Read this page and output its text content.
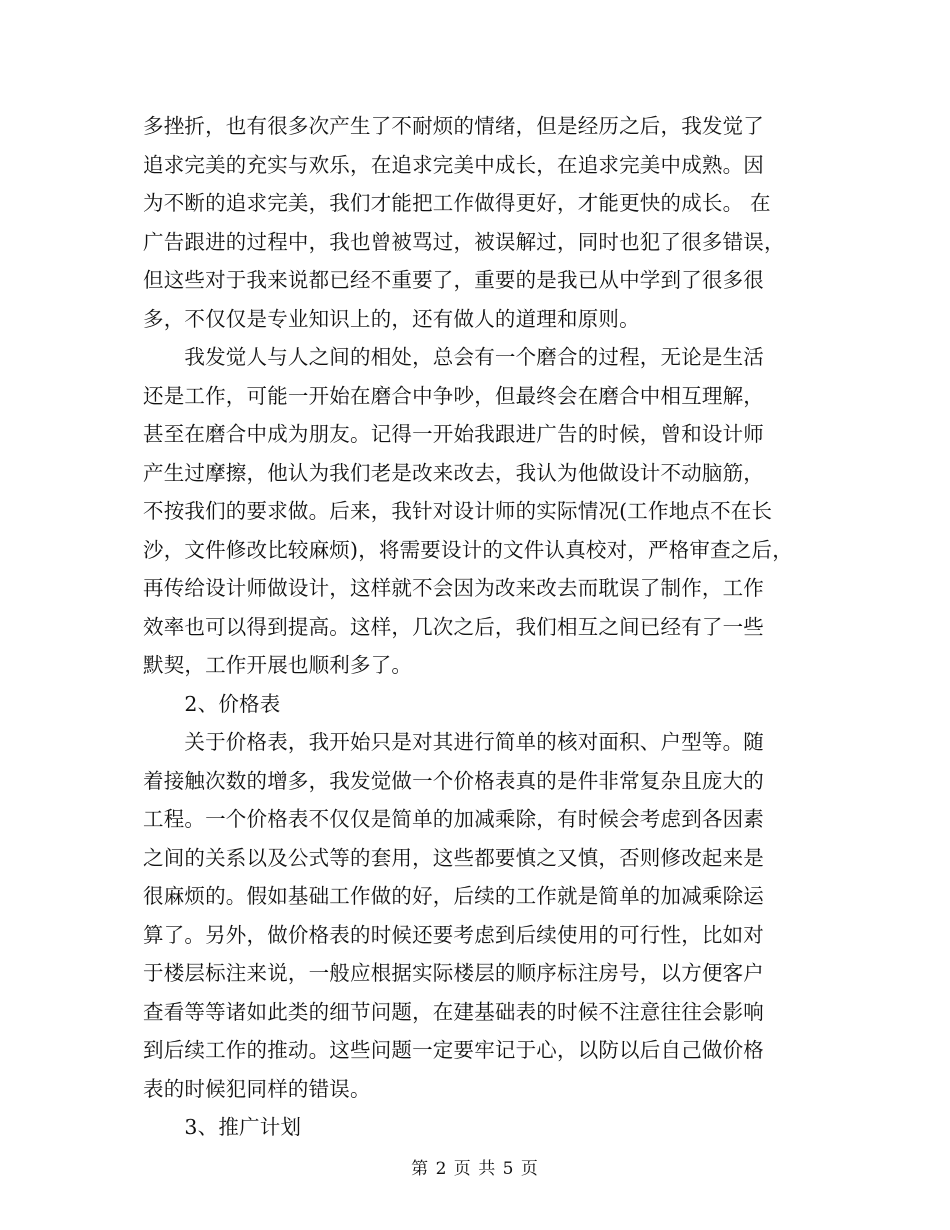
多挫折，也有很多次产生了不耐烦的情绪，但是经历之后，我发觉了
追求完美的充实与欢乐，在追求完美中成长，在追求完美中成熟。因
为不断的追求完美，我们才能把工作做得更好，才能更快的成长。 在
广告跟进的过程中，我也曾被骂过，被误解过，同时也犯了很多错误，
但这些对于我来说都已经不重要了，重要的是我已从中学到了很多很
多，不仅仅是专业知识上的，还有做人的道理和原则。
　　我发觉人与人之间的相处，总会有一个磨合的过程，无论是生活
还是工作，可能一开始在磨合中争吵，但最终会在磨合中相互理解，
甚至在磨合中成为朋友。记得一开始我跟进广告的时候，曾和设计师
产生过摩擦，他认为我们老是改来改去，我认为他做设计不动脑筋，
不按我们的要求做。后来，我针对设计师的实际情况(工作地点不在长
沙，文件修改比较麻烦)，将需要设计的文件认真校对，严格审查之后，
再传给设计师做设计，这样就不会因为改来改去而耽误了制作，工作
效率也可以得到提高。这样，几次之后，我们相互之间已经有了一些
默契，工作开展也顺利多了。
　　2、价格表
　　关于价格表，我开始只是对其进行简单的核对面积、户型等。随
着接触次数的增多，我发觉做一个价格表真的是件非常复杂且庞大的
工程。一个价格表不仅仅是简单的加减乘除，有时候会考虑到各因素
之间的关系以及公式等的套用，这些都要慎之又慎，否则修改起来是
很麻烦的。假如基础工作做的好，后续的工作就是简单的加减乘除运
算了。另外，做价格表的时候还要考虑到后续使用的可行性，比如对
于楼层标注来说，一般应根据实际楼层的顺序标注房号，以方便客户
查看等等诸如此类的细节问题，在建基础表的时候不注意往往会影响
到后续工作的推动。这些问题一定要牢记于心，以防以后自己做价格
表的时候犯同样的错误。
　　3、推广计划
第 2 页 共 5 页
